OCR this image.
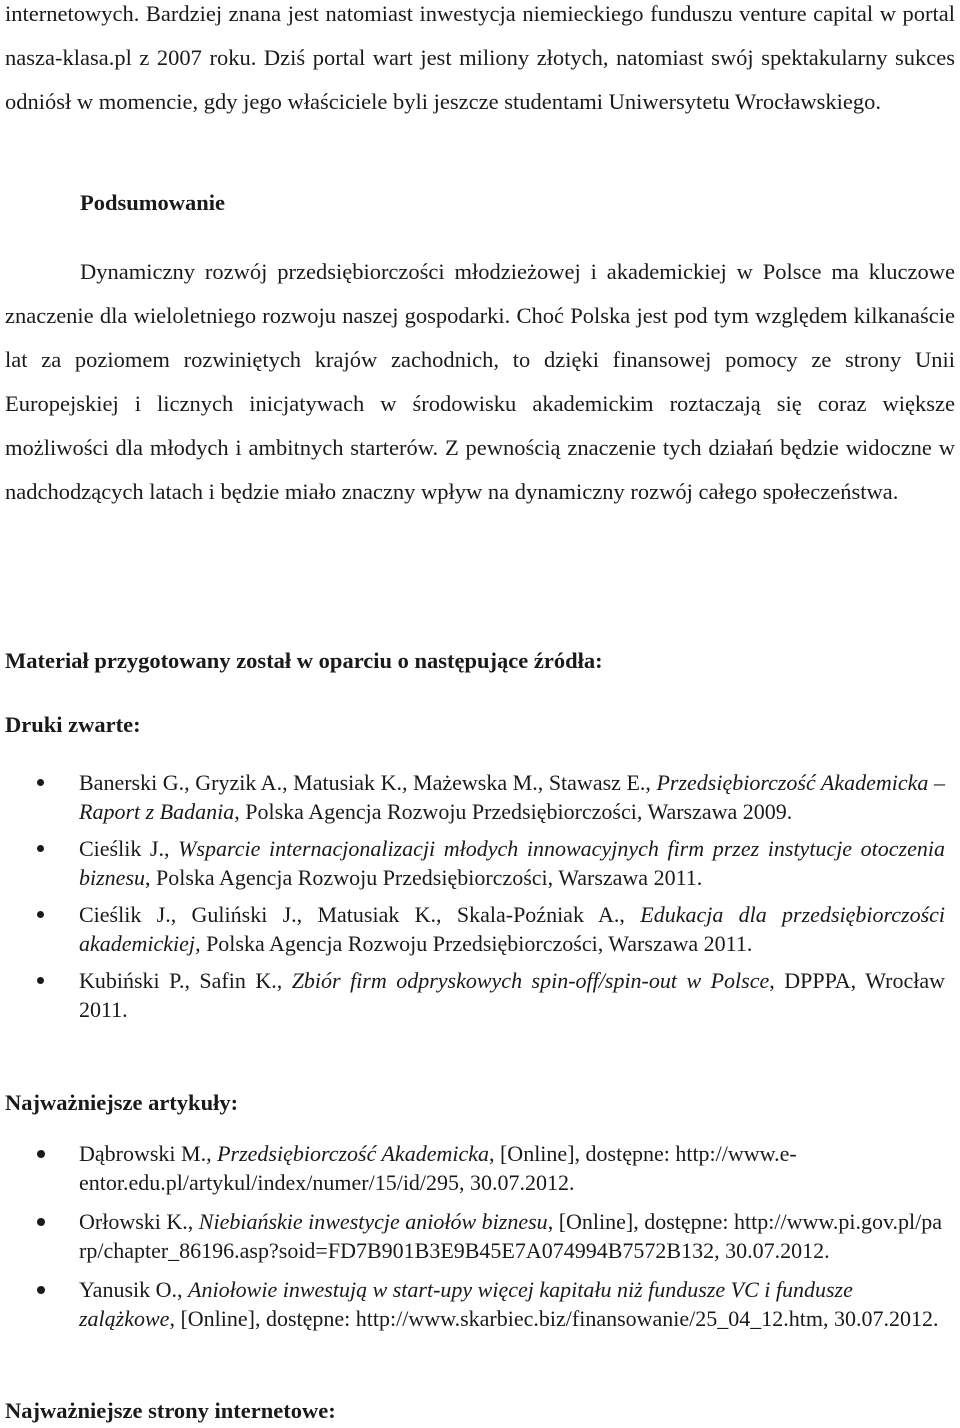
internetowych. Bardziej znana jest natomiast inwestycja niemieckiego funduszu venture capital w portal nasza-klasa.pl z 2007 roku. Dziś portal wart jest miliony złotych, natomiast swój spektakularny sukces odniósł w momencie, gdy jego właściciele byli jeszcze studentami Uniwersytetu Wrocławskiego.

Podsumowanie

Dynamiczny rozwój przedsiębiorczości młodzieżowej i akademickiej w Polsce ma kluczowe znaczenie dla wieloletniego rozwoju naszej gospodarki. Choć Polska jest pod tym względem kilkanaście lat za poziomem rozwiniętych krajów zachodnich, to dzięki finansowej pomocy ze strony Unii Europejskiej i licznych inicjatywach w środowisku akademickim roztaczają się coraz większe możliwości dla młodych i ambitnych starterów. Z pewnością znaczenie tych działań będzie widoczne w nadchodzących latach i będzie miało znaczny wpływ na dynamiczny rozwój całego społeczeństwa.

Materiał przygotowany został w oparciu o następujące źródła:
Druki zwarte:
Banerski G., Gryzik A., Matusiak K., Mażewska M., Stawasz E., Przedsiębiorczość Akademicka – Raport z Badania, Polska Agencja Rozwoju Przedsiębiorczości, Warszawa 2009.
Cieślik J., Wsparcie internacjonalizacji młodych innowacyjnych firm przez instytucje otoczenia biznesu, Polska Agencja Rozwoju Przedsiębiorczości, Warszawa 2011.
Cieślik J., Guliński J., Matusiak K., Skala-Poźniak A., Edukacja dla przedsiębiorczości akademickiej, Polska Agencja Rozwoju Przedsiębiorczości, Warszawa 2011.
Kubiński P., Safin K., Zbiór firm odpryskowych spin-off/spin-out w Polsce, DPPPA, Wrocław 2011.
Najważniejsze artykuły:
Dąbrowski M., Przedsiębiorczość Akademicka, [Online], dostępne: http://www.e-entor.edu.pl/artykul/index/numer/15/id/295, 30.07.2012.
Orłowski K., Niebiańskie inwestycje aniołów biznesu, [Online], dostępne: http://www.pi.gov.pl/parp/chapter_86196.asp?soid=FD7B901B3E9B45E7A074994B7572B132, 30.07.2012.
Yanusik O., Aniołowie inwestują w start-upy więcej kapitału niż fundusze VC i fundusze zalążkowe, [Online], dostępne: http://www.skarbiec.biz/finansowanie/25_04_12.htm, 30.07.2012.
Najważniejsze strony internetowe:
